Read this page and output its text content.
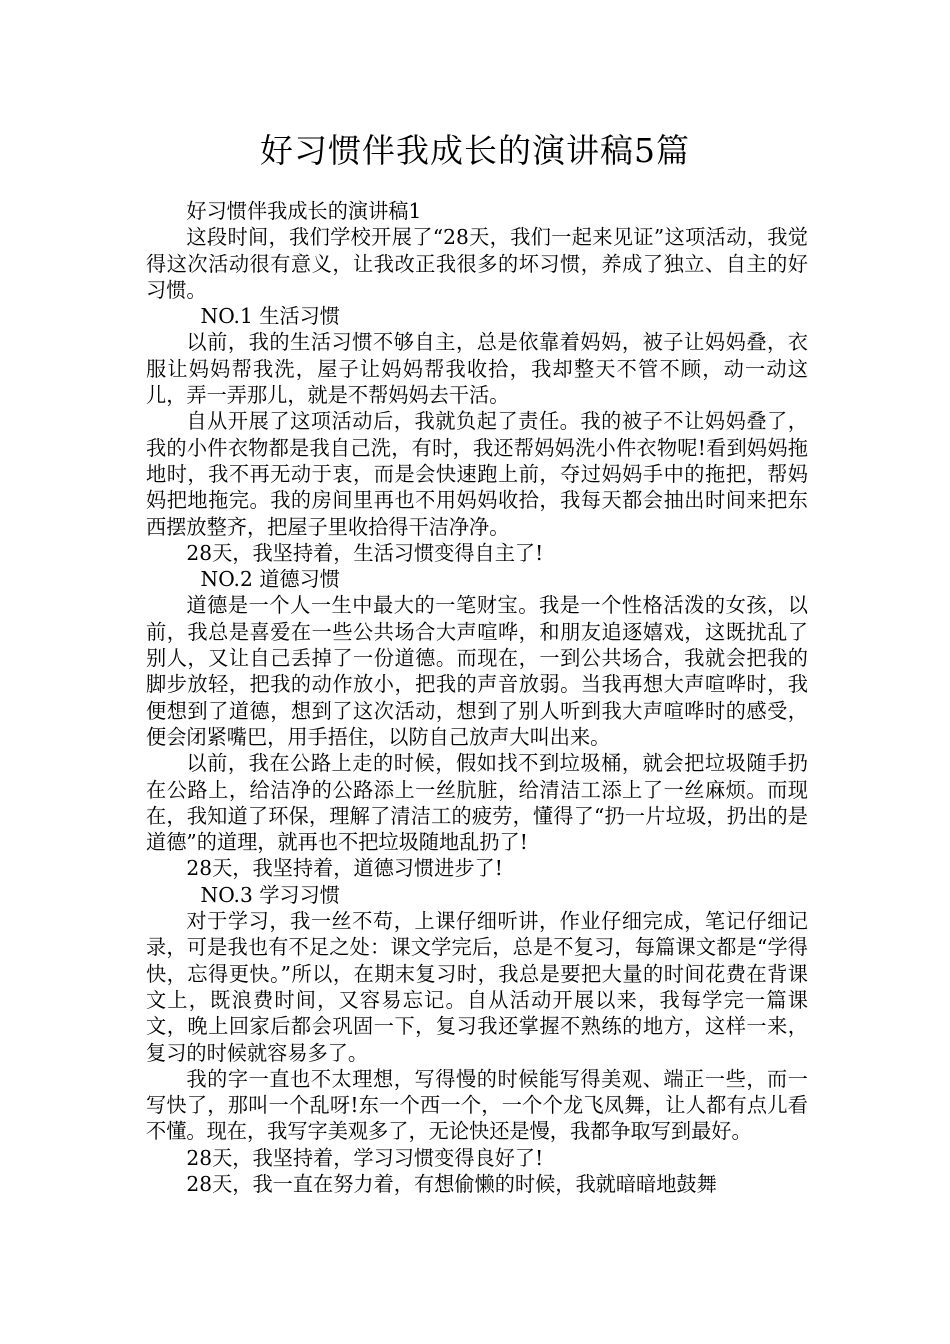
好习惯伴我成长的演讲稿5篇

好习惯伴我成长的演讲稿1

这段时间，我们学校开展了“28天，我们一起来见证”这项活动，我觉得这次活动很有意义，让我改正我很多的坏习惯，养成了独立、自主的好习惯。

NO.1 生活习惯

以前，我的生活习惯不够自主，总是依靠着妈妈，被子让妈妈叠，衣服让妈妈帮我洗，屋子让妈妈帮我收拾，我却整天不管不顾，动一动这儿，弄一弄那儿，就是不帮妈妈去干活。

自从开展了这项活动后，我就负起了责任。我的被子不让妈妈叠了，我的小件衣物都是我自己洗，有时，我还帮妈妈洗小件衣物呢!看到妈妈拖地时，我不再无动于衷，而是会快速跑上前，夺过妈妈手中的拖把，帮妈妈把地拖完。我的房间里再也不用妈妈收拾，我每天都会抽出时间来把东西摆放整齐，把屋子里收拾得干洁净净。

28天，我坚持着，生活习惯变得自主了!

NO.2 道德习惯

道德是一个人一生中最大的一笔财宝。我是一个性格活泼的女孩，以前，我总是喜爱在一些公共场合大声喧哗，和朋友追逐嬉戏，这既扰乱了别人，又让自己丢掉了一份道德。而现在，一到公共场合，我就会把我的脚步放轻，把我的动作放小，把我的声音放弱。当我再想大声喧哗时，我便想到了道德，想到了这次活动，想到了别人听到我大声喧哗时的感受，便会闭紧嘴巴，用手捂住，以防自己放声大叫出来。

以前，我在公路上走的时候，假如找不到垃圾桶，就会把垃圾随手扔在公路上，给洁净的公路添上一丝肮脏，给清洁工添上了一丝麻烦。而现在，我知道了环保，理解了清洁工的疲劳，懂得了“扔一片垃圾，扔出的是道德”的道理，就再也不把垃圾随地乱扔了!

28天，我坚持着，道德习惯进步了!

NO.3 学习习惯

对于学习，我一丝不苟，上课仔细听讲，作业仔细完成，笔记仔细记录，可是我也有不足之处：课文学完后，总是不复习，每篇课文都是“学得快，忘得更快。”所以，在期末复习时，我总是要把大量的时间花费在背课文上，既浪费时间，又容易忘记。自从活动开展以来，我每学完一篇课文，晚上回家后都会巩固一下，复习我还掌握不熟练的地方，这样一来，复习的时候就容易多了。

我的字一直也不太理想，写得慢的时候能写得美观、端正一些，而一写快了，那叫一个乱呀!东一个西一个，一个个龙飞凤舞，让人都有点儿看不懂。现在，我写字美观多了，无论快还是慢，我都争取写到最好。

28天，我坚持着，学习习惯变得良好了!

28天，我一直在努力着，有想偷懒的时候，我就暗暗地鼓舞
